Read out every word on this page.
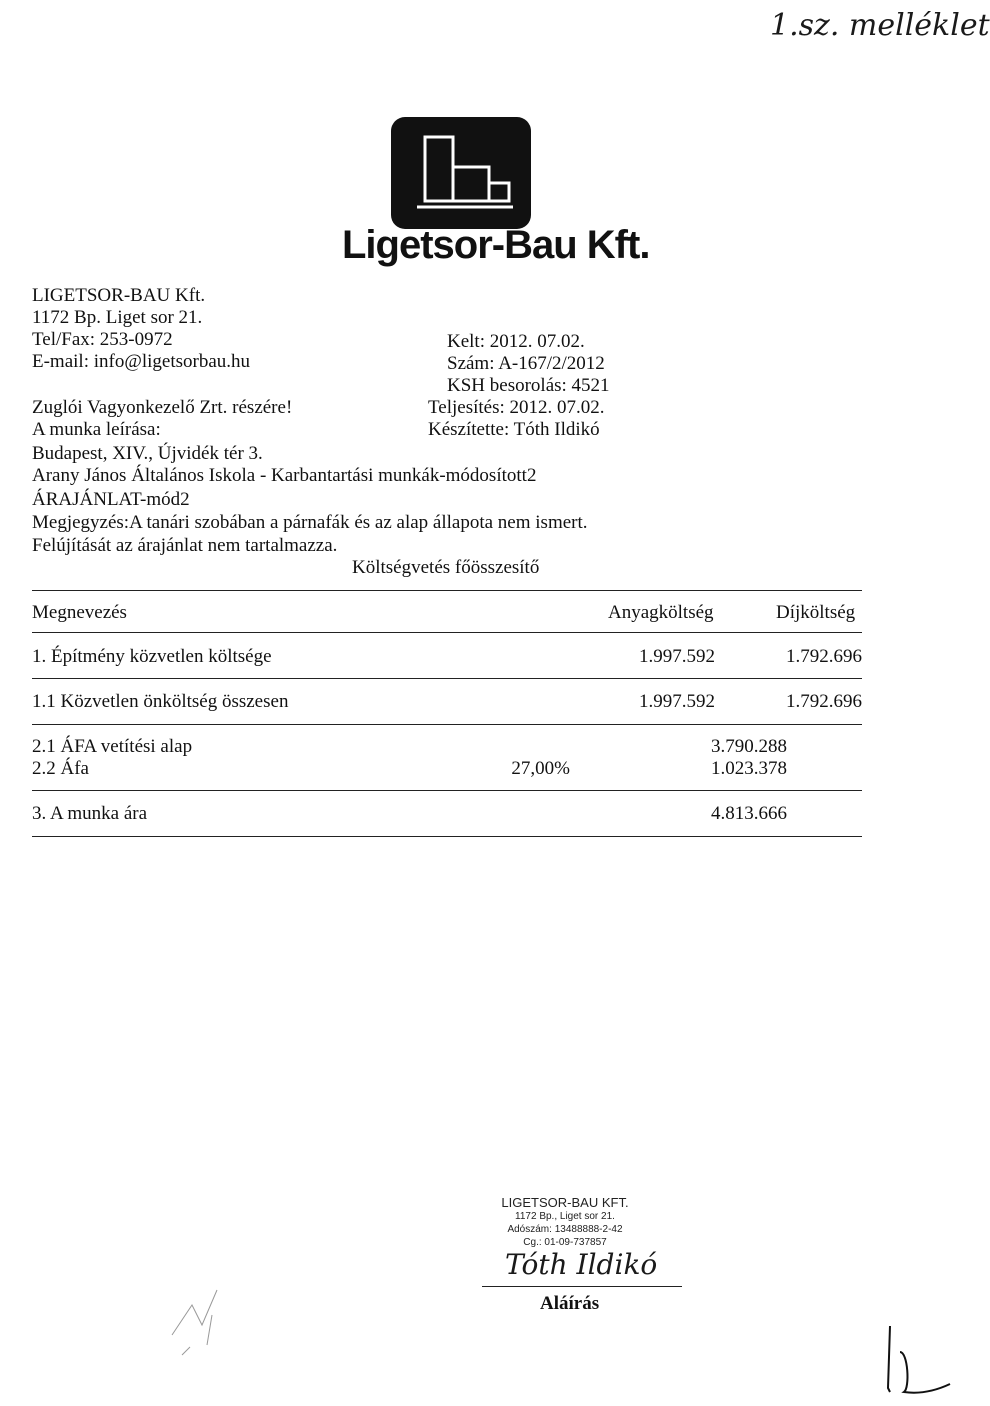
1.sz. melléklet
Ligetsor-Bau Kft.
LIGETSOR-BAU Kft.
1172 Bp. Liget sor 21.
Tel/Fax: 253-0972
E-mail: info@ligetsorbau.hu
Kelt: 2012. 07.02.
Szám: A-167/2/2012
KSH besorolás: 4521
Teljesítés: 2012. 07.02.
Készítette: Tóth Ildikó
Zuglói Vagyonkezelő Zrt. részére!
A munka leírása:
Budapest, XIV., Újvidék tér 3.
Arany János Általános Iskola - Karbantartási munkák-módosított2
ÁRAJÁNLAT-mód2
Megjegyzés:A tanári szobában a párnafák és az alap állapota nem ismert.
Felújítását az árajánlat nem tartalmazza.
Költségvetés főösszesítő
Megnevezés	Anyagköltség	Díjköltség
1. Építmény közvetlen költsége	1.997.592	1.792.696
1.1 Közvetlen önköltség összesen	1.997.592	1.792.696
2.1 ÁFA vetítési alap	3.790.288
2.2 Áfa	27,00%	1.023.378
3. A munka ára	4.813.666
LIGETSOR-BAU KFT.
1172 Bp., Liget sor 21.
Adószám: 13488888-2-42
Cg.: 01-09-737857
Tóth Ildikó
Aláírás
